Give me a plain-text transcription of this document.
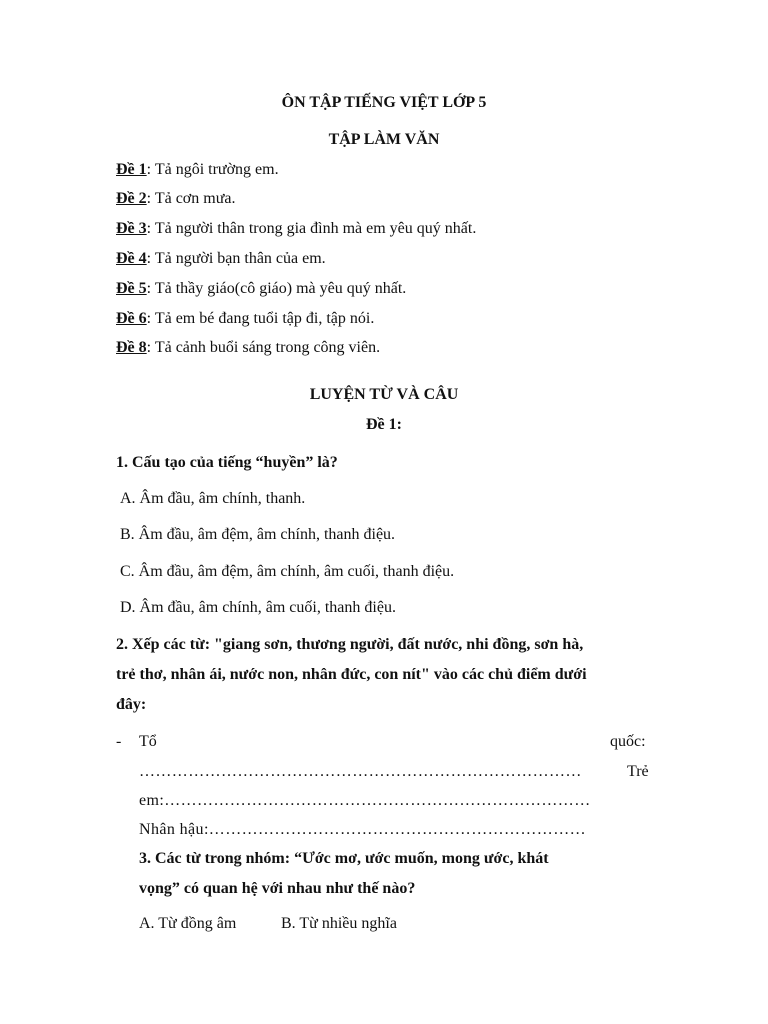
ÔN TẬP TIẾNG VIỆT LỚP 5
TẬP LÀM VĂN
Đề 1: Tả ngôi trường em.
Đề 2: Tả cơn mưa.
Đề 3: Tả người thân trong gia đình mà em yêu quý nhất.
Đề 4: Tả người bạn thân của em.
Đề 5: Tả thầy giáo(cô giáo) mà yêu quý nhất.
Đề 6: Tả em bé đang tuổi tập đi, tập nói.
Đề 8: Tả cảnh buổi sáng trong công viên.
LUYỆN TỪ VÀ CÂU
Đề 1:
1. Cấu tạo của tiếng “huyền” là?
A. Âm đầu, âm chính, thanh.
B. Âm đầu, âm đệm, âm chính, thanh điệu.
C. Âm đầu, âm đệm, âm chính, âm cuối, thanh điệu.
D. Âm đầu, âm chính, âm cuối, thanh điệu.
2. Xếp các từ: "giang sơn, thương người, đất nước, nhi đồng, sơn hà,
trẻ thơ, nhân ái, nước non, nhân đức, con nít" vào các chủ điểm dưới
đây:
- Tổ	quốc:
………………………………………………………………………	Trẻ
em:……………………………………………………………………
Nhân hậu:……………………………………………………………
3. Các từ trong nhóm: “Ước mơ, ước muốn, mong ước, khát
vọng” có quan hệ với nhau như thế nào?
A. Từ đồng âm	B. Từ nhiều nghĩa
